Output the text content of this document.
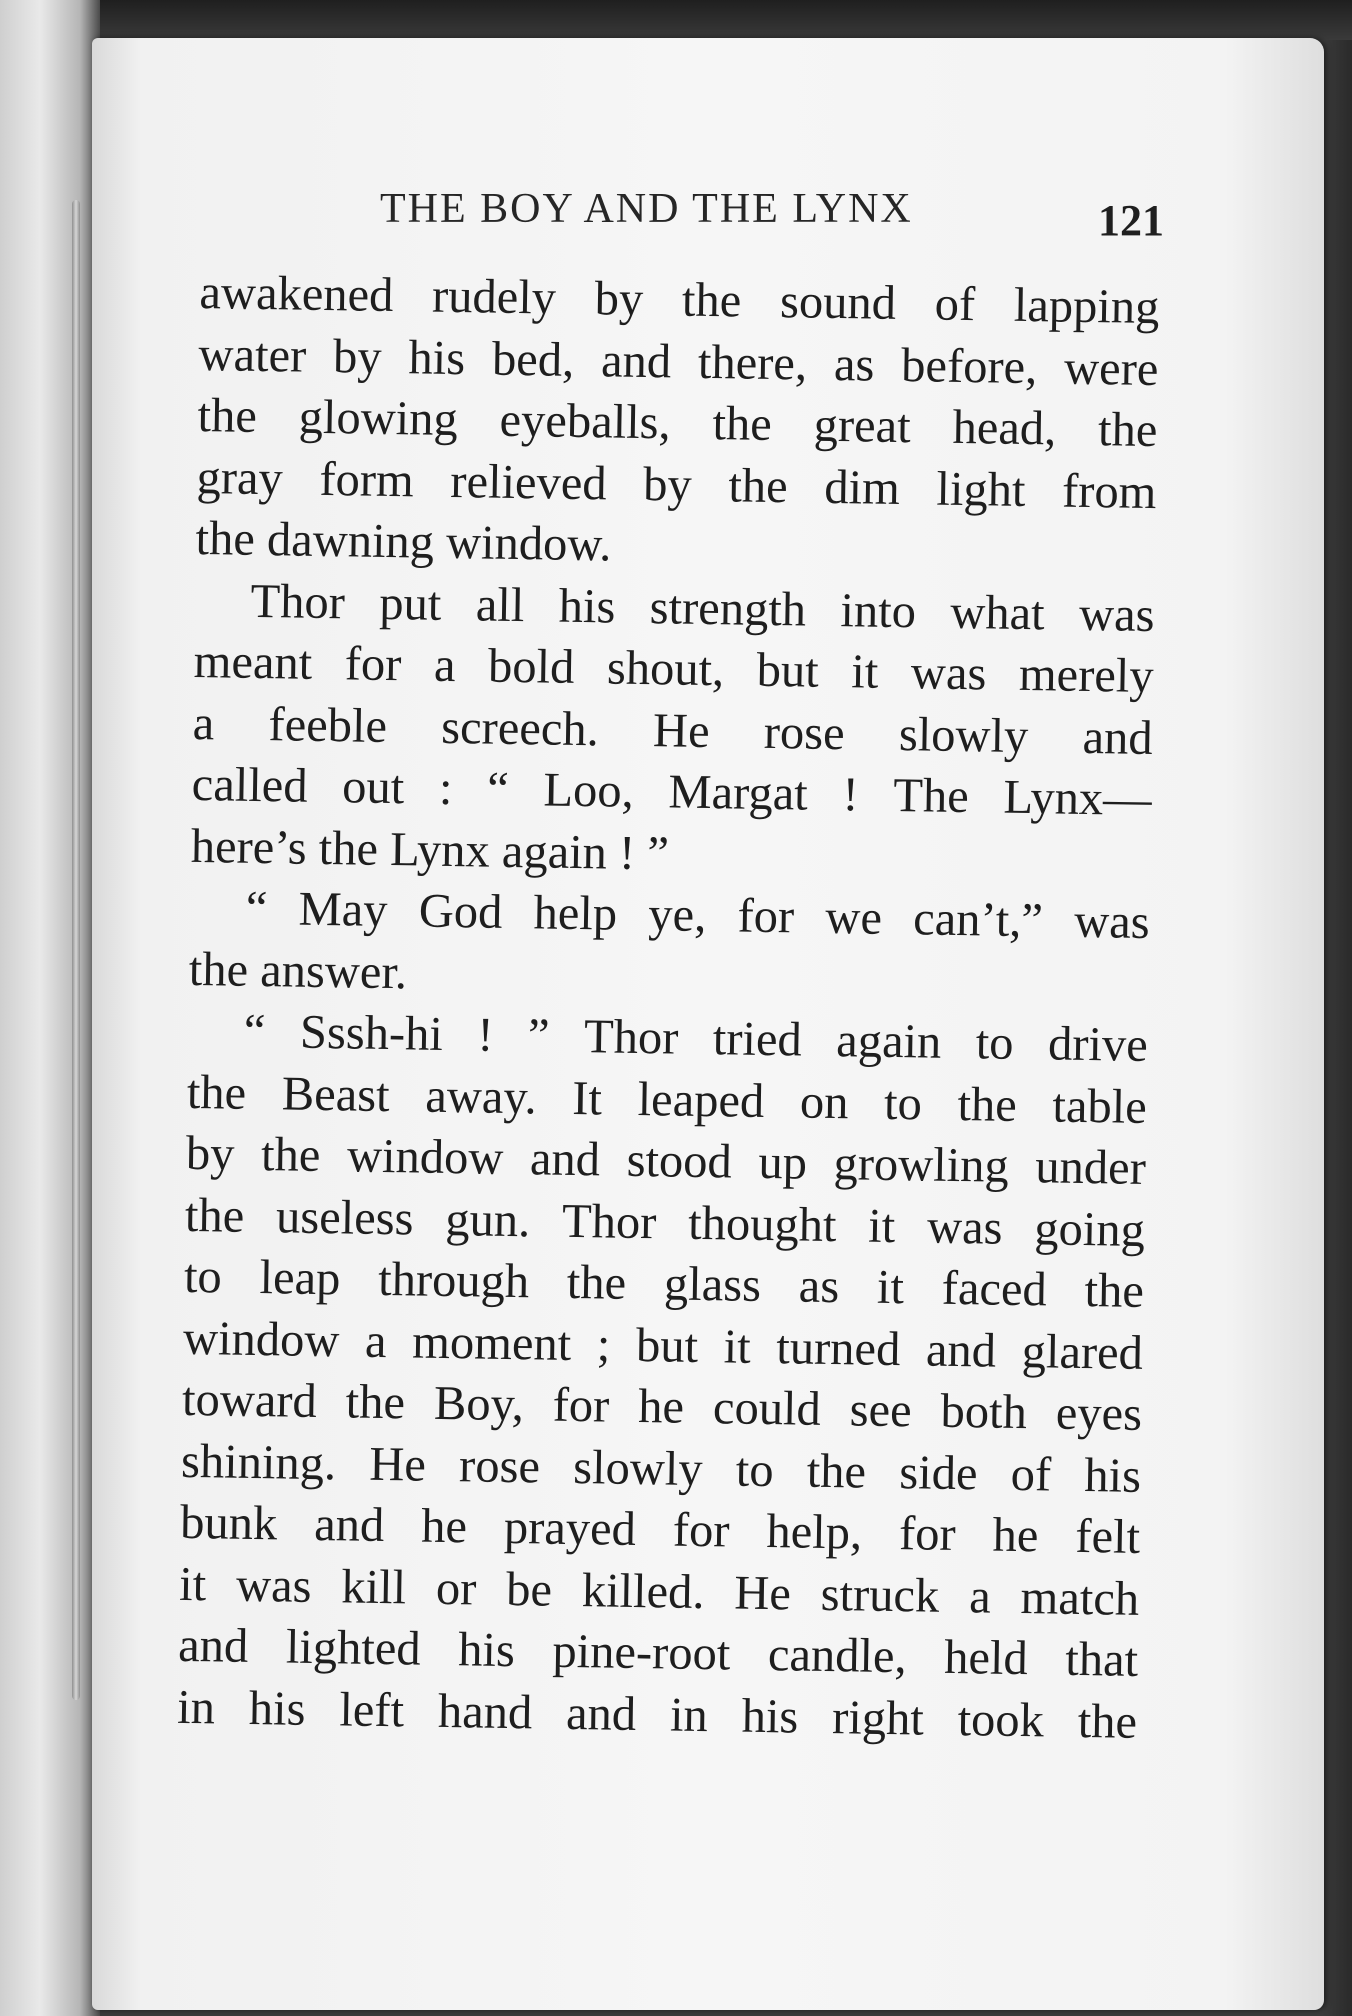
THE BOY AND THE LYNX	121
awakened rudely by the sound of lapping
water by his bed, and there, as before, were
the glowing eyeballs, the great head, the
gray form relieved by the dim light from
the dawning window.
Thor put all his strength into what was
meant for a bold shout, but it was merely
a feeble screech. He rose slowly and
called out : “ Loo, Margat ! The Lynx—
here’s the Lynx again ! ”
“ May God help ye, for we can’t,” was
the answer.
“ Sssh-hi ! ” Thor tried again to drive
the Beast away. It leaped on to the table
by the window and stood up growling under
the useless gun. Thor thought it was going
to leap through the glass as it faced the
window a moment ; but it turned and glared
toward the Boy, for he could see both eyes
shining. He rose slowly to the side of his
bunk and he prayed for help, for he felt
it was kill or be killed. He struck a match
and lighted his pine-root candle, held that
in his left hand and in his right took the
